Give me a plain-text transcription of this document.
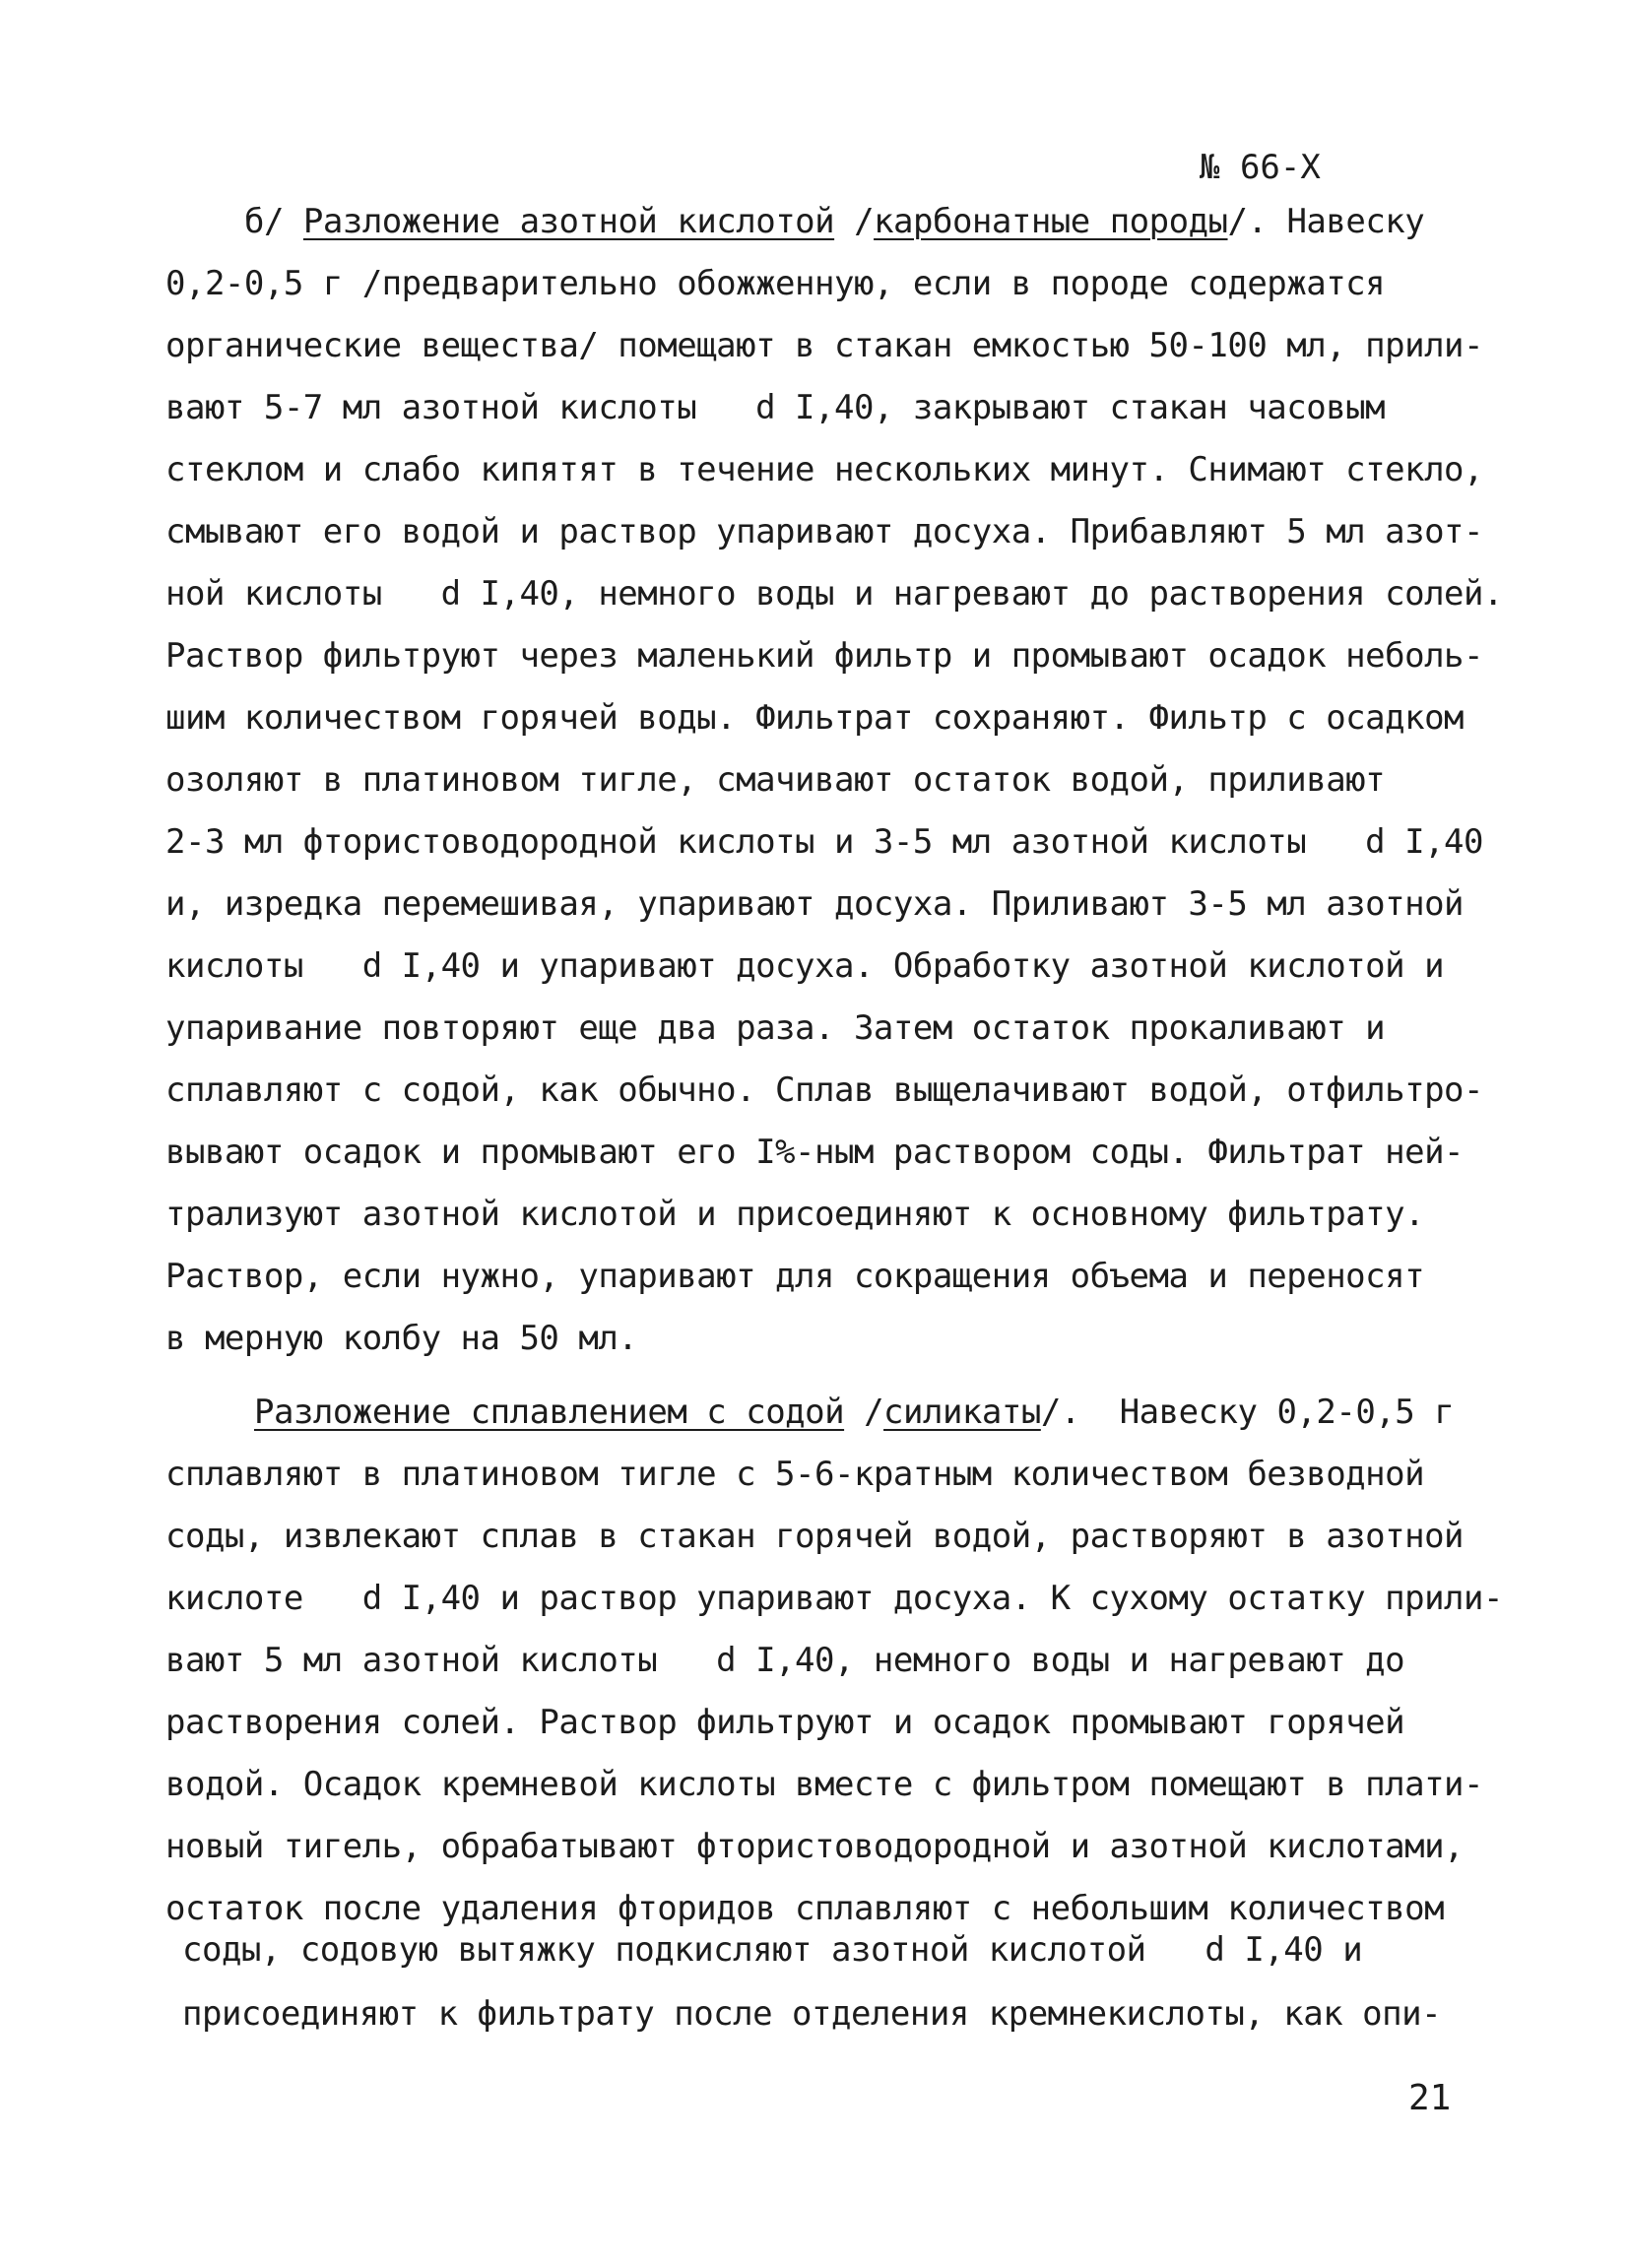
№ 66-Х
б/ Разложение азотной кислотой /карбонатные породы/. Навеску
0,2-0,5 г /предварительно обожженную, если в породе содержатся
органические вещества/ помещают в стакан емкостью 50-100 мл, прили-
вают 5-7 мл азотной кислоты   d I,40, закрывают стакан часовым
стеклом и слабо кипятят в течение нескольких минут. Снимают стекло,
смывают его водой и раствор упаривают досуха. Прибавляют 5 мл азот-
ной кислоты   d I,40, немного воды и нагревают до растворения солей.
Раствор фильтруют через маленький фильтр и промывают осадок неболь-
шим количеством горячей воды. Фильтрат сохраняют. Фильтр с осадком
озоляют в платиновом тигле, смачивают остаток водой, приливают
2-3 мл фтористоводородной кислоты и 3-5 мл азотной кислоты   d I,40
и, изредка перемешивая, упаривают досуха. Приливают 3-5 мл азотной
кислоты   d I,40 и упаривают досуха. Обработку азотной кислотой и
упаривание повторяют еще два раза. Затем остаток прокаливают и
сплавляют с содой, как обычно. Сплав выщелачивают водой, отфильтро-
вывают осадок и промывают его I%-ным раствором соды. Фильтрат ней-
трализуют азотной кислотой и присоединяют к основному фильтрату.
Раствор, если нужно, упаривают для сокращения объема и переносят
в мерную колбу на 50 мл.
Разложение сплавлением с содой /силикаты/.  Навеску 0,2-0,5 г
сплавляют в платиновом тигле с 5-6-кратным количеством безводной
соды, извлекают сплав в стакан горячей водой, растворяют в азотной
кислоте   d I,40 и раствор упаривают досуха. К сухому остатку прили-
вают 5 мл азотной кислоты   d I,40, немного воды и нагревают до
растворения солей. Раствор фильтруют и осадок промывают горячей
водой. Осадок кремневой кислоты вместе с фильтром помещают в плати-
новый тигель, обрабатывают фтористоводородной и азотной кислотами,
остаток после удаления фторидов сплавляют с небольшим количеством
соды, содовую вытяжку подкисляют азотной кислотой   d I,40 и
присоединяют к фильтрату после отделения кремнекислоты, как опи-
21
